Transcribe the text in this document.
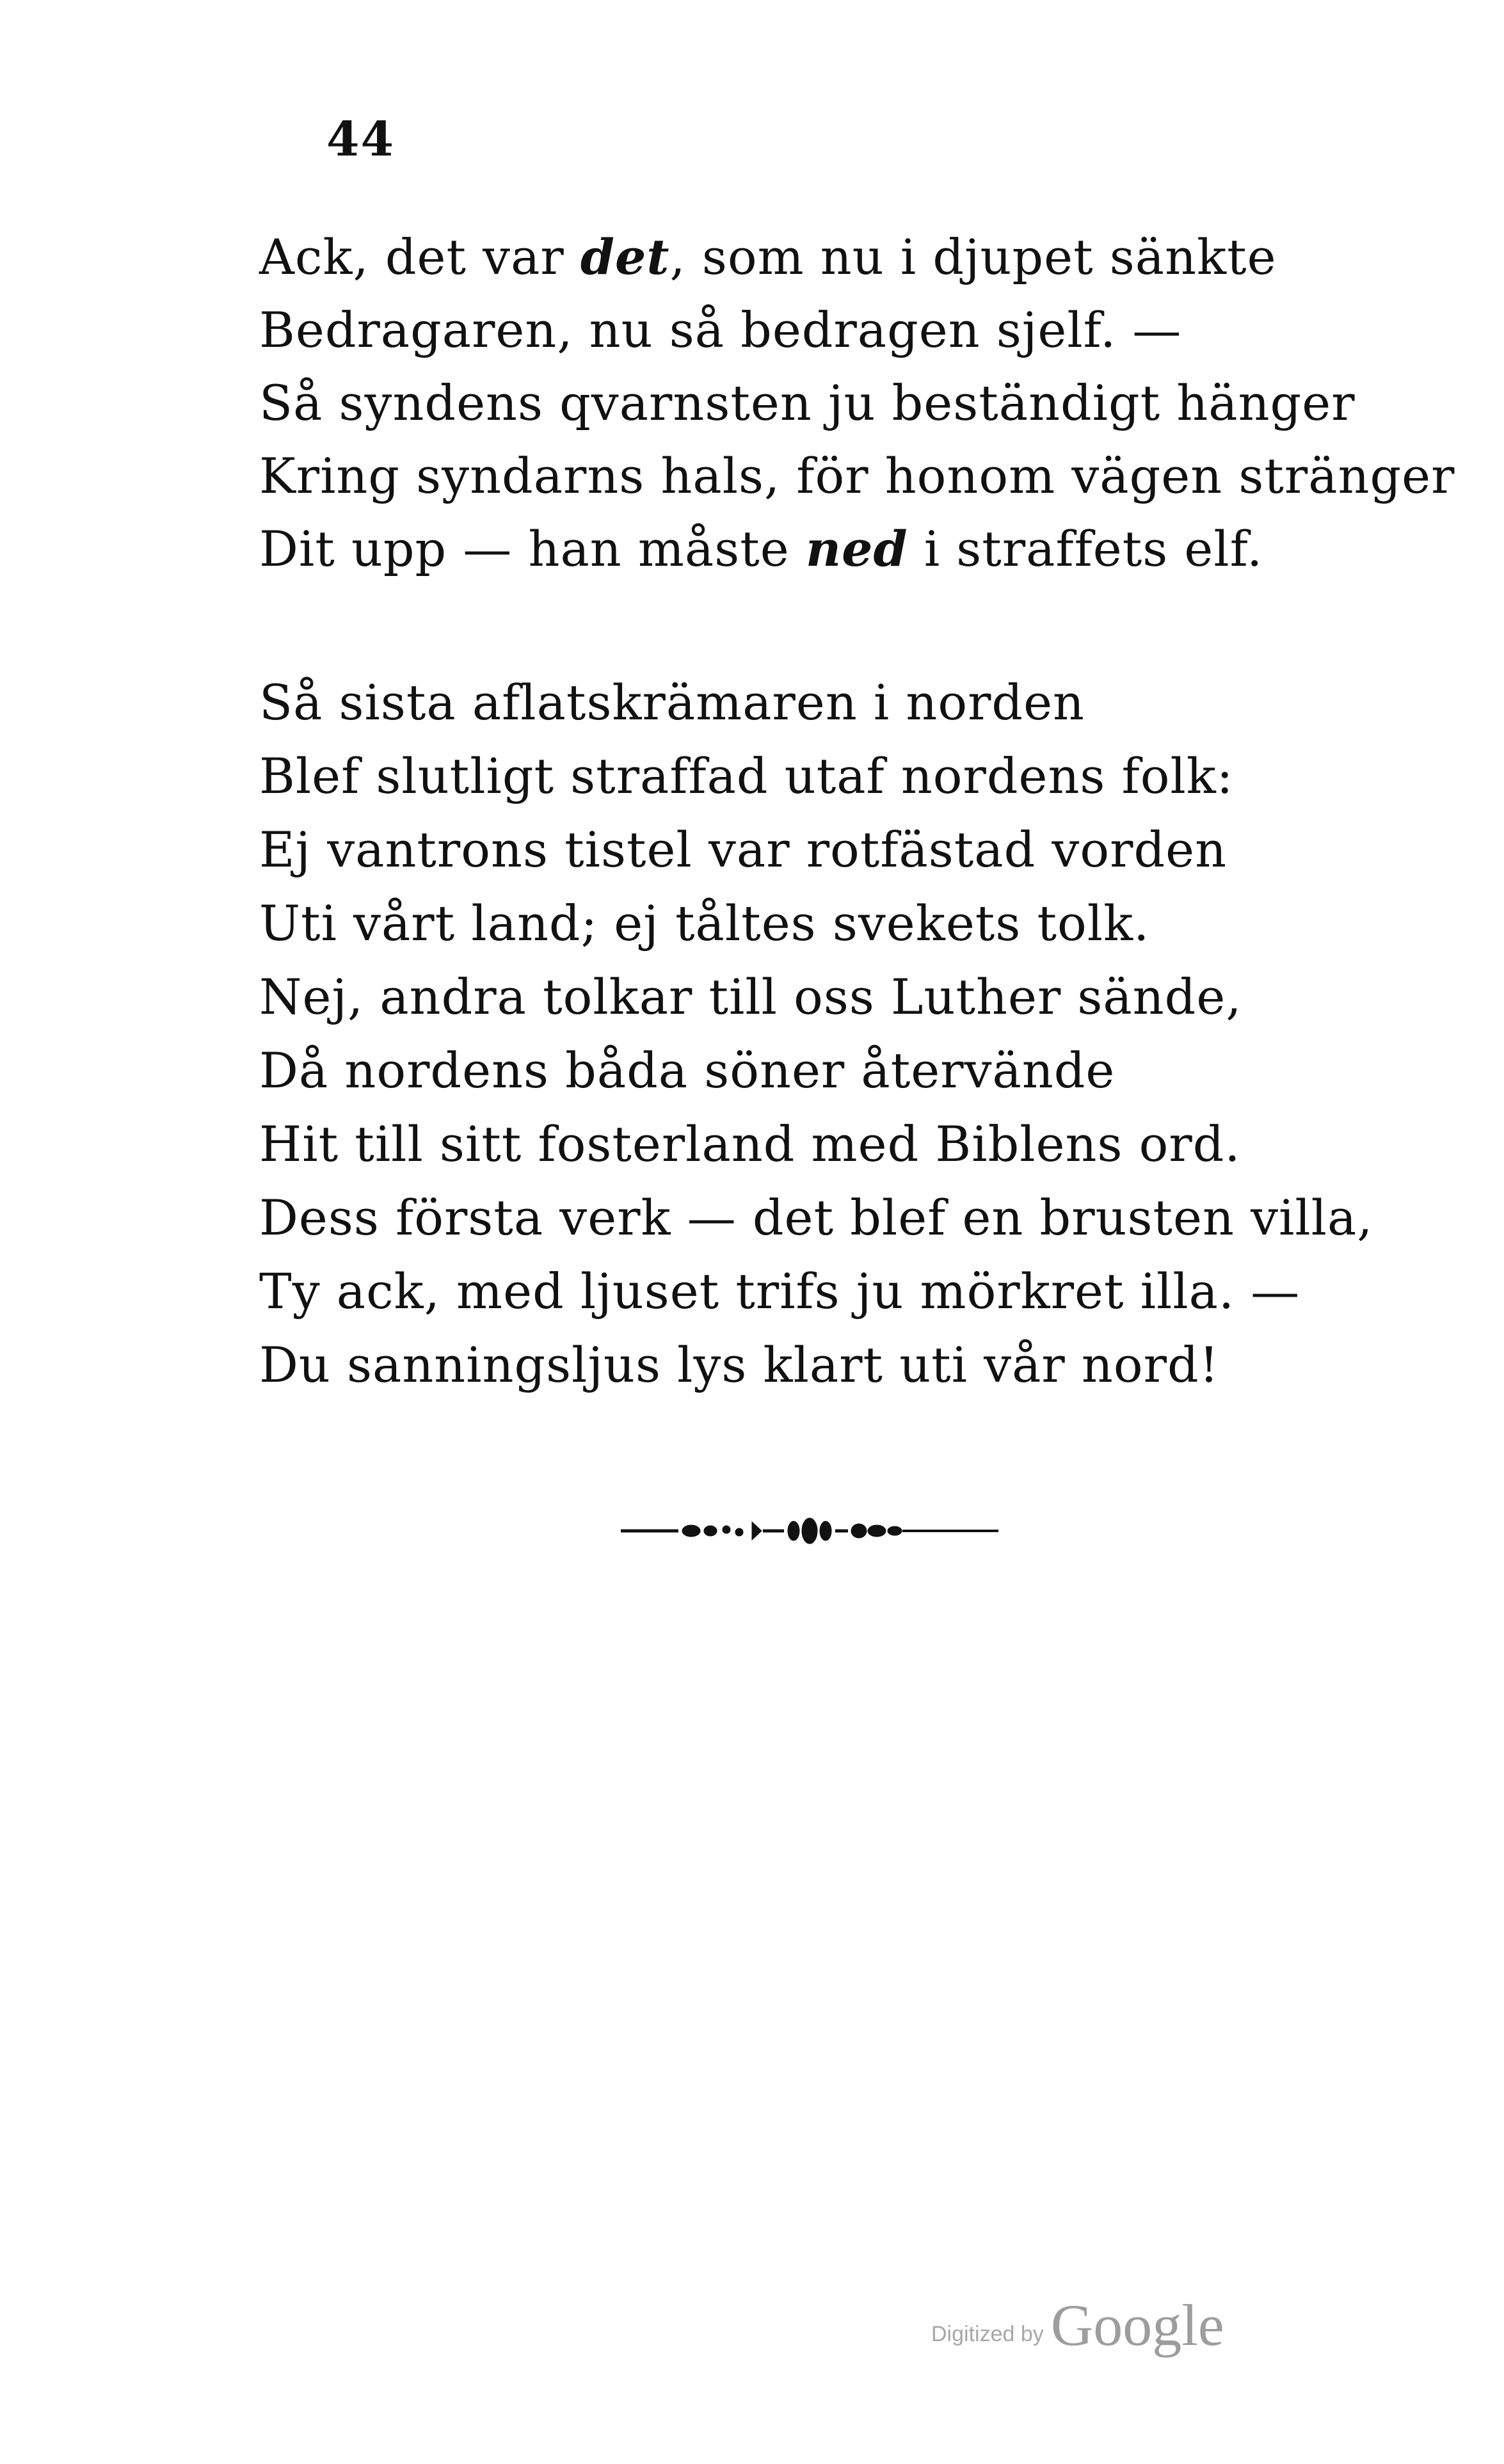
44
Ack, det var det, som nu i djupet sänkte
Bedragaren, nu så bedragen sjelf. —
Så syndens qvarnsten ju beständigt hänger
Kring syndarns hals, för honom vägen stränger
Dit upp — han måste ned i straffets elf.
Så sista aflatskrämaren i norden
Blef slutligt straffad utaf nordens folk:
Ej vantrons tistel var rotfästad vorden
Uti vårt land; ej tåltes svekets tolk.
Nej, andra tolkar till oss Luther sände,
Då nordens båda söner återvände
Hit till sitt fosterland med Biblens ord.
Dess första verk — det blef en brusten villa,
Ty ack, med ljuset trifs ju mörkret illa. —
Du sanningsljus lys klart uti vår nord!
Digitized by Google
